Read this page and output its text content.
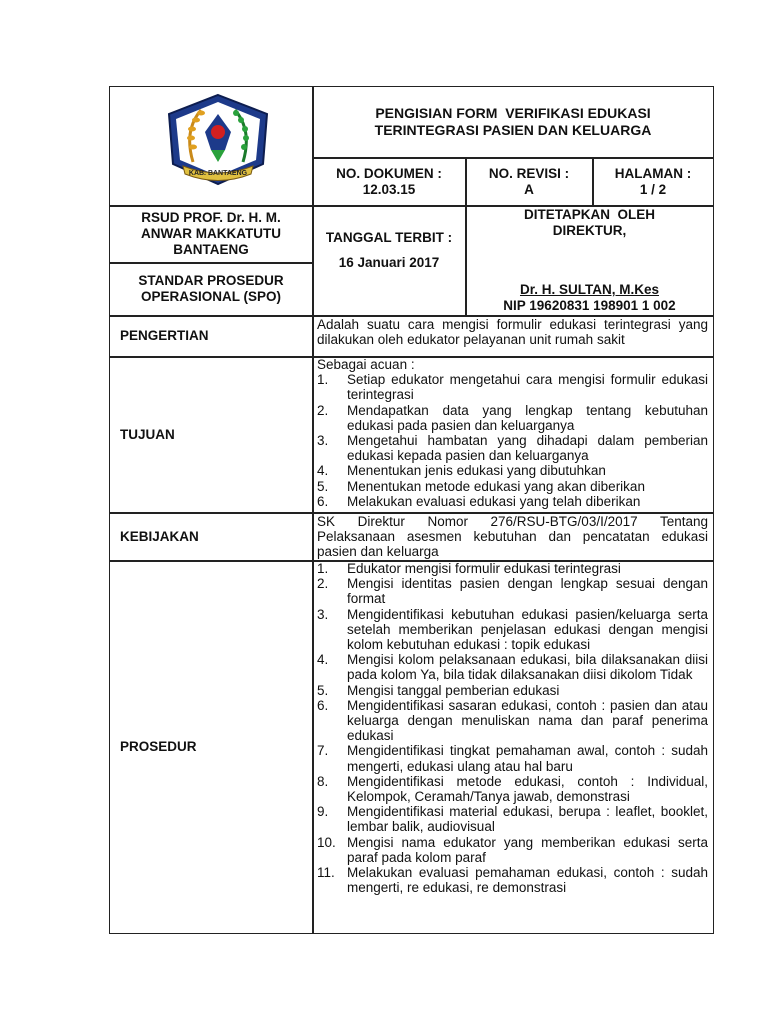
KAB. BANTAENG
PENGISIAN FORM  VERIFIKASI EDUKASI
TERINTEGRASI PASIEN DAN KELUARGA
NO. DOKUMEN :
12.03.15
NO. REVISI :
A
HALAMAN :
1 / 2
RSUD PROF. Dr. H. M.
ANWAR MAKKATUTU
BANTAENG
STANDAR PROSEDUR
OPERASIONAL (SPO)
TANGGAL TERBIT :
16 Januari 2017
DITETAPKAN  OLEH
DIREKTUR,
Dr. H. SULTAN, M.Kes
NIP 19620831 198901 1 002
PENGERTIAN

Adalah suatu cara mengisi formulir edukasi terintegrasi yang dilakukan oleh edukator pelayanan unit rumah sakit

TUJUAN

Sebagai acuan :

1. Setiap edukator mengetahui cara mengisi formulir edukasi terintegrasi
2. Mendapatkan data yang lengkap tentang kebutuhan edukasi pada pasien dan keluarganya
3. Mengetahui hambatan yang dihadapi dalam pemberian edukasi kepada pasien dan keluarganya
4. Menentukan jenis edukasi yang dibutuhkan
5. Menentukan metode edukasi yang akan diberikan
6. Melakukan evaluasi edukasi yang telah diberikan
KEBIJAKAN

SK Direktur Nomor 276/RSU-BTG/03/I/2017 Tentang Pelaksanaan asesmen kebutuhan dan pencatatan edukasi pasien dan keluarga

PROSEDUR
1. Edukator mengisi formulir edukasi terintegrasi
2. Mengisi identitas pasien dengan lengkap sesuai dengan format
3. Mengidentifikasi kebutuhan edukasi pasien/keluarga serta setelah memberikan penjelasan edukasi dengan mengisi kolom kebutuhan edukasi : topik edukasi
4. Mengisi kolom pelaksanaan edukasi, bila dilaksanakan diisi pada kolom Ya, bila tidak dilaksanakan diisi dikolom Tidak
5. Mengisi tanggal pemberian edukasi
6. Mengidentifikasi sasaran edukasi, contoh : pasien dan atau keluarga dengan menuliskan nama dan paraf penerima edukasi
7. Mengidentifikasi tingkat pemahaman awal, contoh : sudah mengerti, edukasi ulang atau hal baru
8. Mengidentifikasi metode edukasi, contoh : Individual, Kelompok, Ceramah/Tanya jawab, demonstrasi
9. Mengidentifikasi material edukasi, berupa : leaflet, booklet, lembar balik, audiovisual
10. Mengisi nama edukator yang memberikan edukasi serta paraf pada kolom paraf
11. Melakukan evaluasi pemahaman edukasi, contoh : sudah mengerti, re edukasi, re demonstrasi
